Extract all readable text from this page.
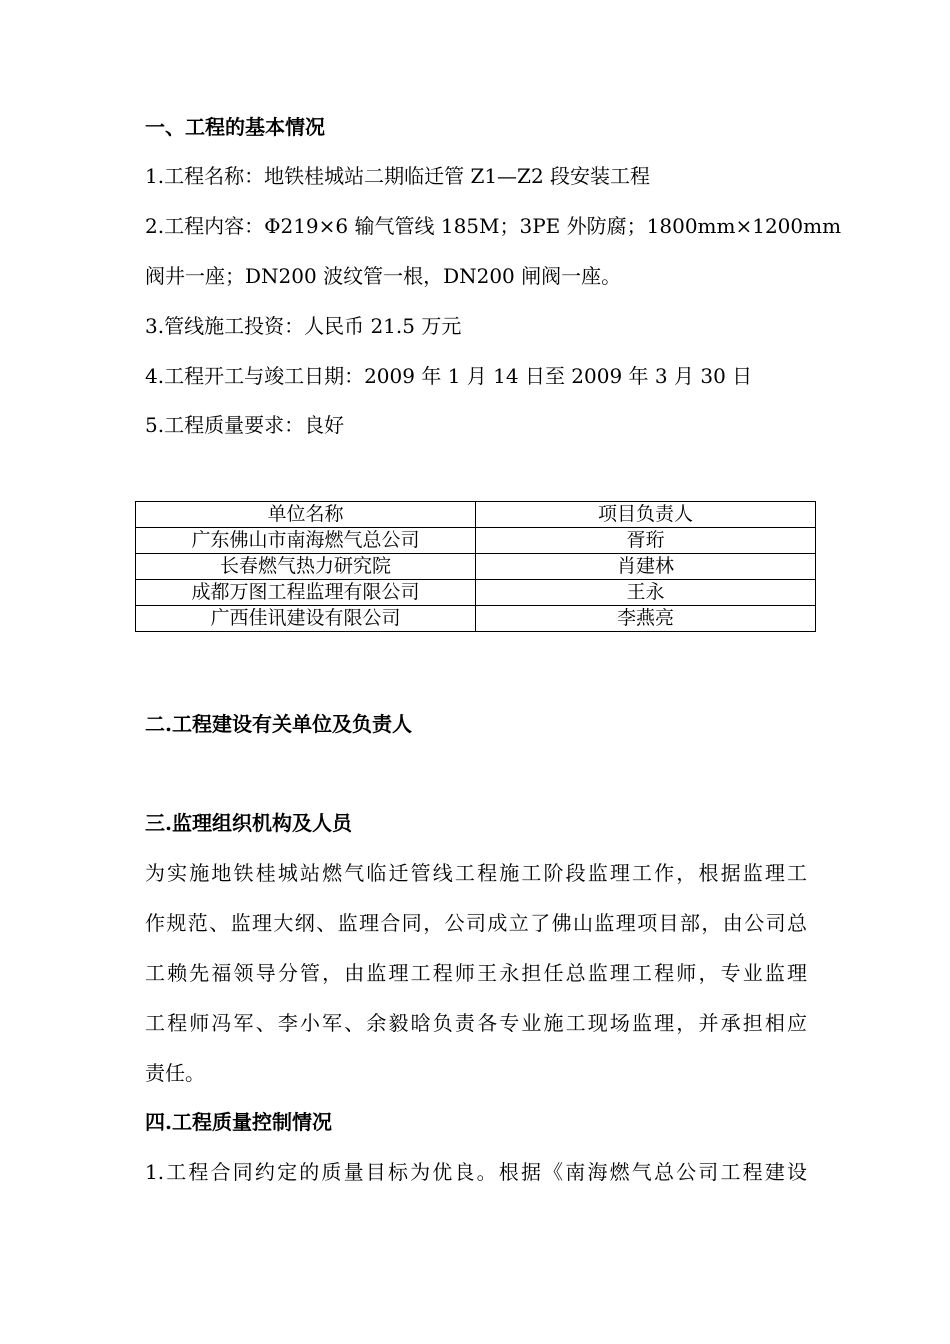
一、工程的基本情况
1.工程名称：地铁桂城站二期临迁管 Z1—Z2 段安装工程
2.工程内容：Φ219×6 输气管线 185M；3PE 外防腐；1800mm×1200mm
阀井一座；DN200 波纹管一根，DN200 闸阀一座。
3.管线施工投资：人民币 21.5 万元
4.工程开工与竣工日期：2009 年 1 月 14 日至 2009 年 3 月 30 日
5.工程质量要求：良好
单位名称	项目负责人
广东佛山市南海燃气总公司	胥珩
长春燃气热力研究院	肖建林
成都万图工程监理有限公司	王永
广西佳讯建设有限公司	李燕亮
二.工程建设有关单位及负责人
三.监理组织机构及人员
为实施地铁桂城站燃气临迁管线工程施工阶段监理工作，根据监理工
作规范、监理大纲、监理合同，公司成立了佛山监理项目部，由公司总
工赖先福领导分管，由监理工程师王永担任总监理工程师，专业监理
工程师冯军、李小军、余毅晗负责各专业施工现场监理，并承担相应
责任。
四.工程质量控制情况
1.工程合同约定的质量目标为优良。根据《南海燃气总公司工程建设
